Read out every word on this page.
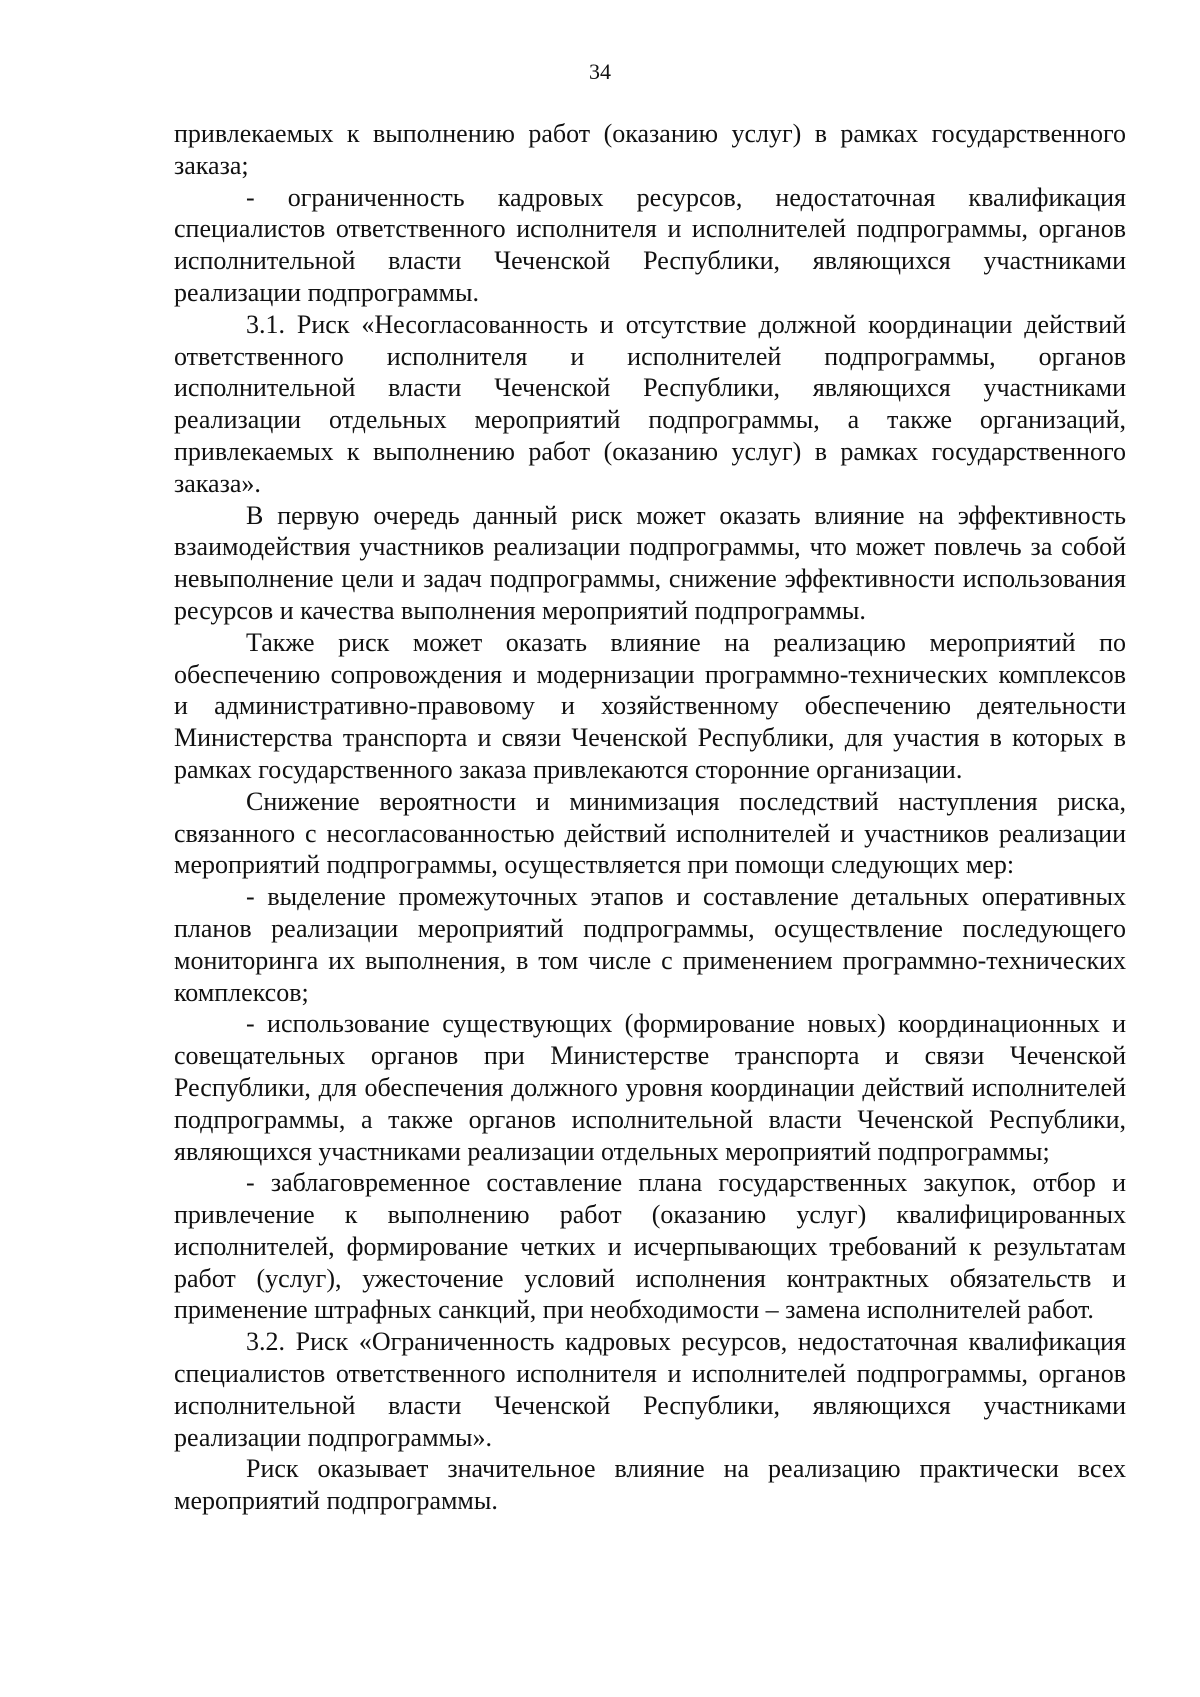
34

привлекаемых к выполнению работ (оказанию услуг) в рамках государственного заказа;

- ограниченность кадровых ресурсов, недостаточная квалификация специалистов ответственного исполнителя и исполнителей подпрограммы, органов исполнительной власти Чеченской Республики, являющихся участниками реализации подпрограммы.

3.1. Риск «Несогласованность и отсутствие должной координации действий ответственного исполнителя и исполнителей подпрограммы, органов исполнительной власти Чеченской Республики, являющихся участниками реализации отдельных мероприятий подпрограммы, а также организаций, привлекаемых к выполнению работ (оказанию услуг) в рамках государственного заказа».

В первую очередь данный риск может оказать влияние на эффективность взаимодействия участников реализации подпрограммы, что может повлечь за собой невыполнение цели и задач подпрограммы, снижение эффективности использования ресурсов и качества выполнения мероприятий подпрограммы.

Также риск может оказать влияние на реализацию мероприятий по обеспечению сопровождения и модернизации программно-технических комплексов и административно-правовому и хозяйственному обеспечению деятельности Министерства транспорта и связи Чеченской Республики, для участия в которых в рамках государственного заказа привлекаются сторонние организации.

Снижение вероятности и минимизация последствий наступления риска, связанного с несогласованностью действий исполнителей и участников реализации мероприятий подпрограммы, осуществляется при помощи следующих мер:

- выделение промежуточных этапов и составление детальных оперативных планов реализации мероприятий подпрограммы, осуществление последующего мониторинга их выполнения, в том числе с применением программно-технических комплексов;

- использование существующих (формирование новых) координационных и совещательных органов при Министерстве транспорта и связи Чеченской Республики, для обеспечения должного уровня координации действий исполнителей подпрограммы, а также органов исполнительной власти Чеченской Республики, являющихся участниками реализации отдельных мероприятий подпрограммы;

- заблаговременное составление плана государственных закупок, отбор и привлечение к выполнению работ (оказанию услуг) квалифицированных исполнителей, формирование четких и исчерпывающих требований к результатам работ (услуг), ужесточение условий исполнения контрактных обязательств и применение штрафных санкций, при необходимости – замена исполнителей работ.

3.2. Риск «Ограниченность кадровых ресурсов, недостаточная квалификация специалистов ответственного исполнителя и исполнителей подпрограммы, органов исполнительной власти Чеченской Республики, являющихся участниками реализации подпрограммы».

Риск оказывает значительное влияние на реализацию практически всех мероприятий подпрограммы.
